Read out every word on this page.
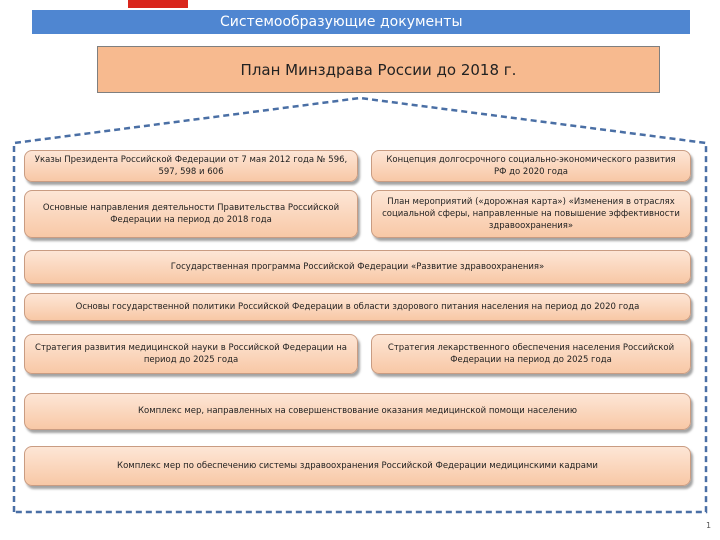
Системообразующие документы
План Минздрава России до 2018 г.
Указы Президента Российской Федерации от 7 мая 2012 года № 596, 597, 598 и 606
Концепция долгосрочного социально-экономического развития РФ до 2020 года
Основные направления деятельности Правительства Российской Федерации на период до 2018 года
План мероприятий («дорожная карта») «Изменения в отраслях социальной сферы, направленные на повышение эффективности здравоохранения»
Государственная программа Российской Федерации «Развитие здравоохранения»
Основы государственной политики Российской Федерации в области здорового питания населения на период до 2020 года
Стратегия развития медицинской науки в Российской Федерации на период до 2025 года
Стратегия лекарственного обеспечения населения Российской Федерации на период до 2025 года
Комплекс мер, направленных на совершенствование оказания медицинской помощи населению
Комплекс мер по обеспечению системы здравоохранения Российской Федерации медицинскими кадрами
1
